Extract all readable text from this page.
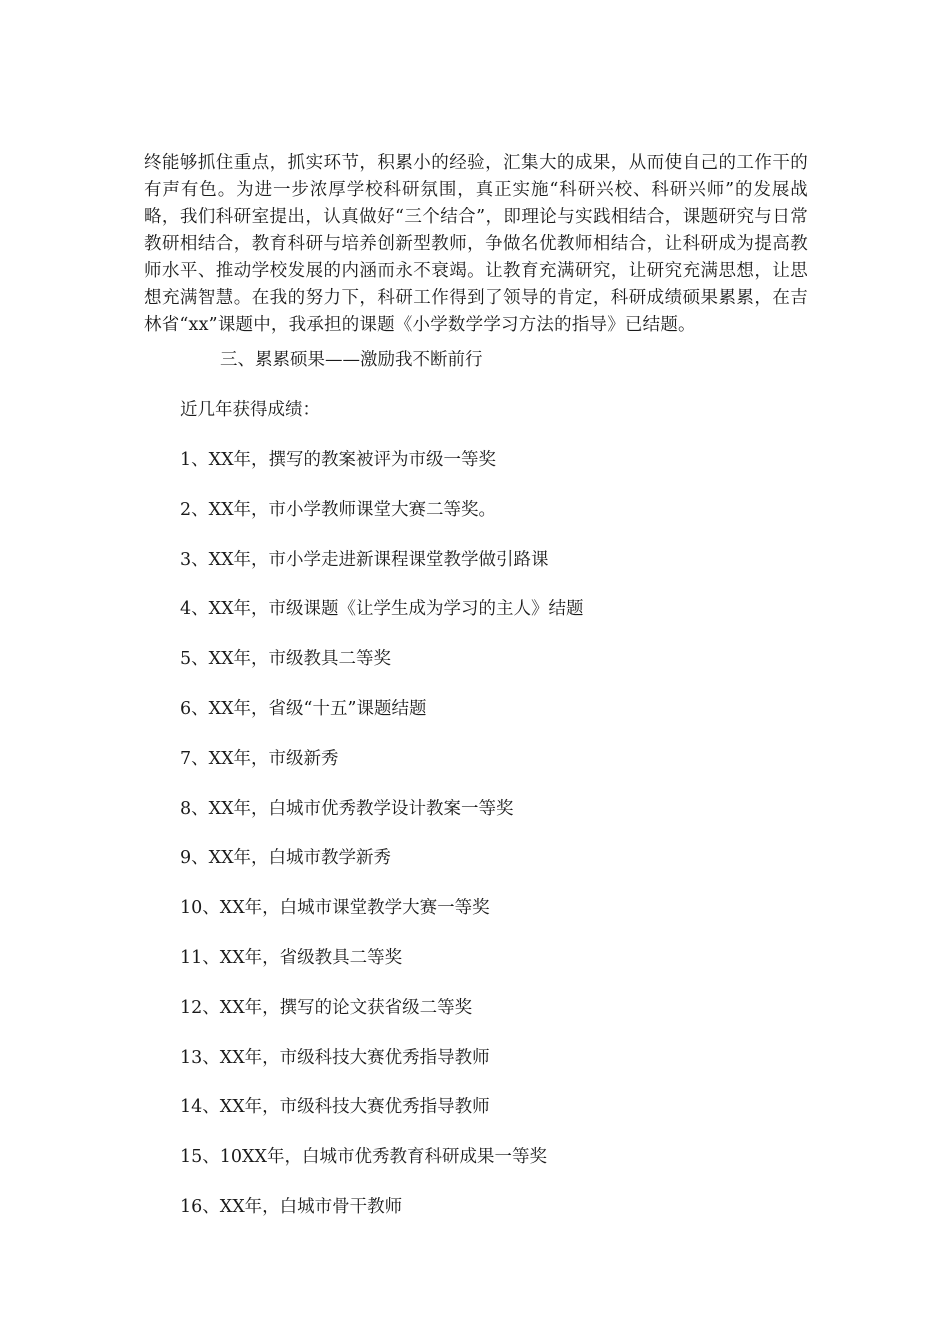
终能够抓住重点，抓实环节，积累小的经验，汇集大的成果，从而使自己的工作干的有声有色。为进一步浓厚学校科研氛围，真正实施“科研兴校、科研兴师”的发展战略，我们科研室提出，认真做好“三个结合”，即理论与实践相结合，课题研究与日常教研相结合，教育科研与培养创新型教师，争做名优教师相结合，让科研成为提高教师水平、推动学校发展的内涵而永不衰竭。让教育充满研究，让研究充满思想，让思想充满智慧。在我的努力下，科研工作得到了领导的肯定，科研成绩硕果累累，在吉林省“xx”课题中，我承担的课题《小学数学学习方法的指导》已结题。

三、累累硕果——激励我不断前行

近几年获得成绩：

1、XX年，撰写的教案被评为市级一等奖
2、XX年，市小学教师课堂大赛二等奖。
3、XX年，市小学走进新课程课堂教学做引路课
4、XX年，市级课题《让学生成为学习的主人》结题
5、XX年，市级教具二等奖
6、XX年，省级“十五”课题结题
7、XX年，市级新秀
8、XX年，白城市优秀教学设计教案一等奖
9、XX年，白城市教学新秀
10、XX年，白城市课堂教学大赛一等奖
11、XX年，省级教具二等奖
12、XX年，撰写的论文获省级二等奖
13、XX年，市级科技大赛优秀指导教师
14、XX年，市级科技大赛优秀指导教师
15、10XX年，白城市优秀教育科研成果一等奖
16、XX年，白城市骨干教师
